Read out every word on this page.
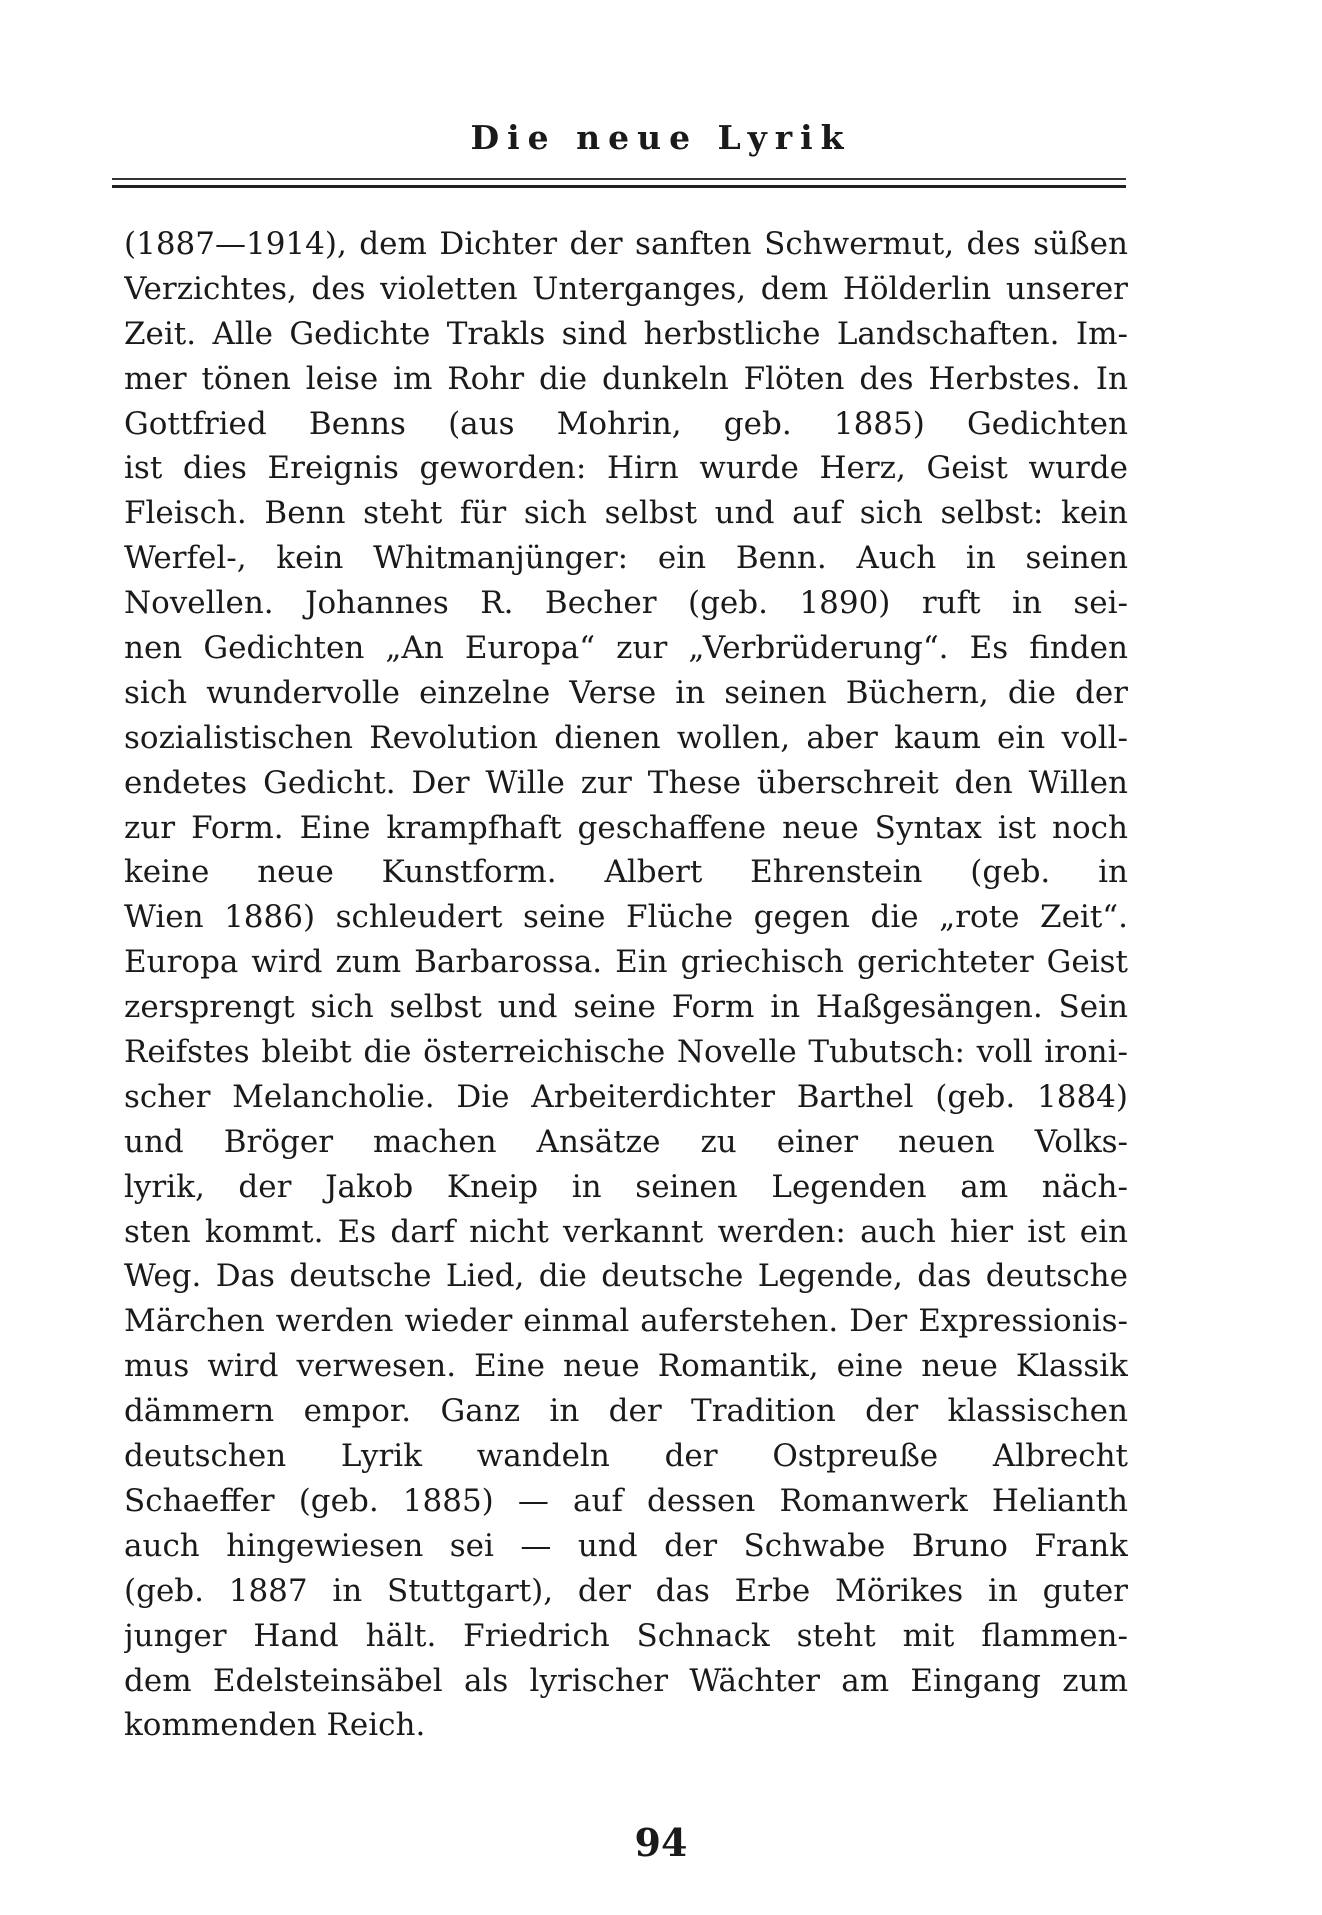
Die neue Lyrik
(1887—1914), dem Dichter der sanften Schwermut, des süßen
Verzichtes, des violetten Unterganges, dem Hölderlin unserer
Zeit. Alle Gedichte Trakls sind herbstliche Landschaften. Im-
mer tönen leise im Rohr die dunkeln Flöten des Herbstes. In
Gottfried Benns (aus Mohrin, geb. 1885) Gedichten
ist dies Ereignis geworden: Hirn wurde Herz, Geist wurde
Fleisch. Benn steht für sich selbst und auf sich selbst: kein
Werfel-, kein Whitmanjünger: ein Benn. Auch in seinen
Novellen. Johannes R. Becher (geb. 1890) ruft in sei-
nen Gedichten „An Europa“ zur „Verbrüderung“. Es finden
sich wundervolle einzelne Verse in seinen Büchern, die der
sozialistischen Revolution dienen wollen, aber kaum ein voll-
endetes Gedicht. Der Wille zur These überschreit den Willen
zur Form. Eine krampfhaft geschaffene neue Syntax ist noch
keine neue Kunstform. Albert Ehrenstein (geb. in
Wien 1886) schleudert seine Flüche gegen die „rote Zeit“.
Europa wird zum Barbarossa. Ein griechisch gerichteter Geist
zersprengt sich selbst und seine Form in Haßgesängen. Sein
Reifstes bleibt die österreichische Novelle Tubutsch: voll ironi-
scher Melancholie. Die Arbeiterdichter Barthel (geb. 1884)
und Bröger machen Ansätze zu einer neuen Volks-
lyrik, der Jakob Kneip in seinen Legenden am näch-
sten kommt. Es darf nicht verkannt werden: auch hier ist ein
Weg. Das deutsche Lied, die deutsche Legende, das deutsche
Märchen werden wieder einmal auferstehen. Der Expressionis-
mus wird verwesen. Eine neue Romantik, eine neue Klassik
dämmern empor. Ganz in der Tradition der klassischen
deutschen Lyrik wandeln der Ostpreuße Albrecht
Schaeffer (geb. 1885) — auf dessen Romanwerk Helianth
auch hingewiesen sei — und der Schwabe Bruno Frank
(geb. 1887 in Stuttgart), der das Erbe Mörikes in guter
junger Hand hält. Friedrich Schnack steht mit flammen-
dem Edelsteinsäbel als lyrischer Wächter am Eingang zum
kommenden Reich.
94
